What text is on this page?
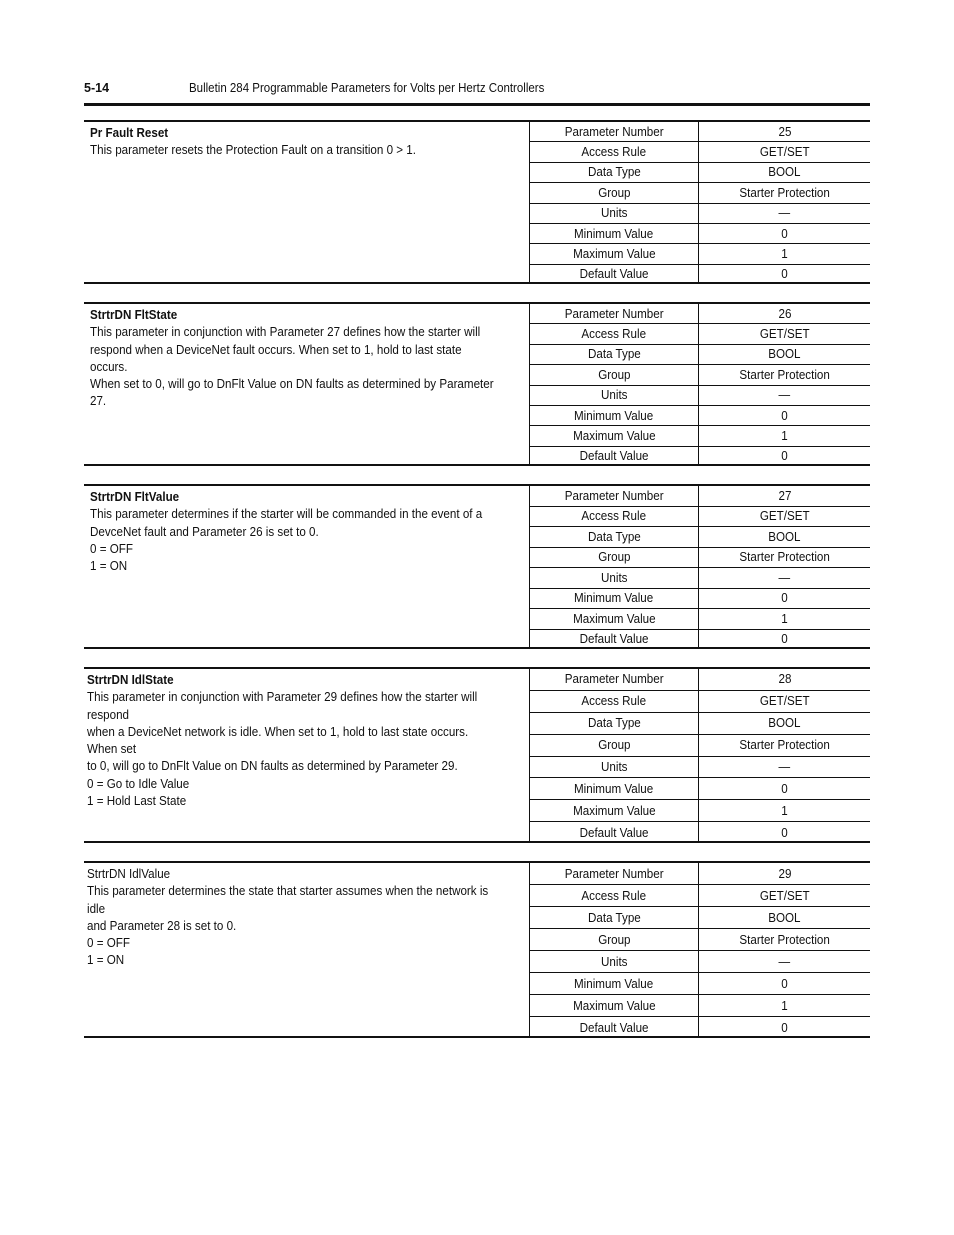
5-14	Bulletin 284 Programmable Parameters for Volts per Hertz Controllers
Pr Fault Reset
This parameter resets the Protection Fault on a transition 0 > 1.
Parameter Number	25
Access Rule	GET/SET
Data Type	BOOL
Group	Starter Protection
Units	—
Minimum Value	0
Maximum Value	1
Default Value	0
StrtrDN FltState
This parameter in conjunction with Parameter 27 defines how the starter will
respond when a DeviceNet fault occurs. When set to 1, hold to last state occurs.
When set to 0, will go to DnFlt Value on DN faults as determined by Parameter 27.
Parameter Number	26
Access Rule	GET/SET
Data Type	BOOL
Group	Starter Protection
Units	—
Minimum Value	0
Maximum Value	1
Default Value	0
StrtrDN FltValue
This parameter determines if the starter will be commanded in the event of a
DevceNet fault and Parameter 26 is set to 0.
0 = OFF
1 = ON
Parameter Number	27
Access Rule	GET/SET
Data Type	BOOL
Group	Starter Protection
Units	—
Minimum Value	0
Maximum Value	1
Default Value	0
StrtrDN IdlState
This parameter in conjunction with Parameter 29 defines how the starter will respond
when a DeviceNet network is idle. When set to 1, hold to last state occurs. When set
to 0, will go to DnFlt Value on DN faults as determined by Parameter 29.
0 = Go to Idle Value
1 = Hold Last State
Parameter Number	28
Access Rule	GET/SET
Data Type	BOOL
Group	Starter Protection
Units	—
Minimum Value	0
Maximum Value	1
Default Value	0
StrtrDN IdlValue
This parameter determines the state that starter assumes when the network is idle
and Parameter 28 is set to 0.
0 = OFF
1 = ON
Parameter Number	29
Access Rule	GET/SET
Data Type	BOOL
Group	Starter Protection
Units	—
Minimum Value	0
Maximum Value	1
Default Value	0
